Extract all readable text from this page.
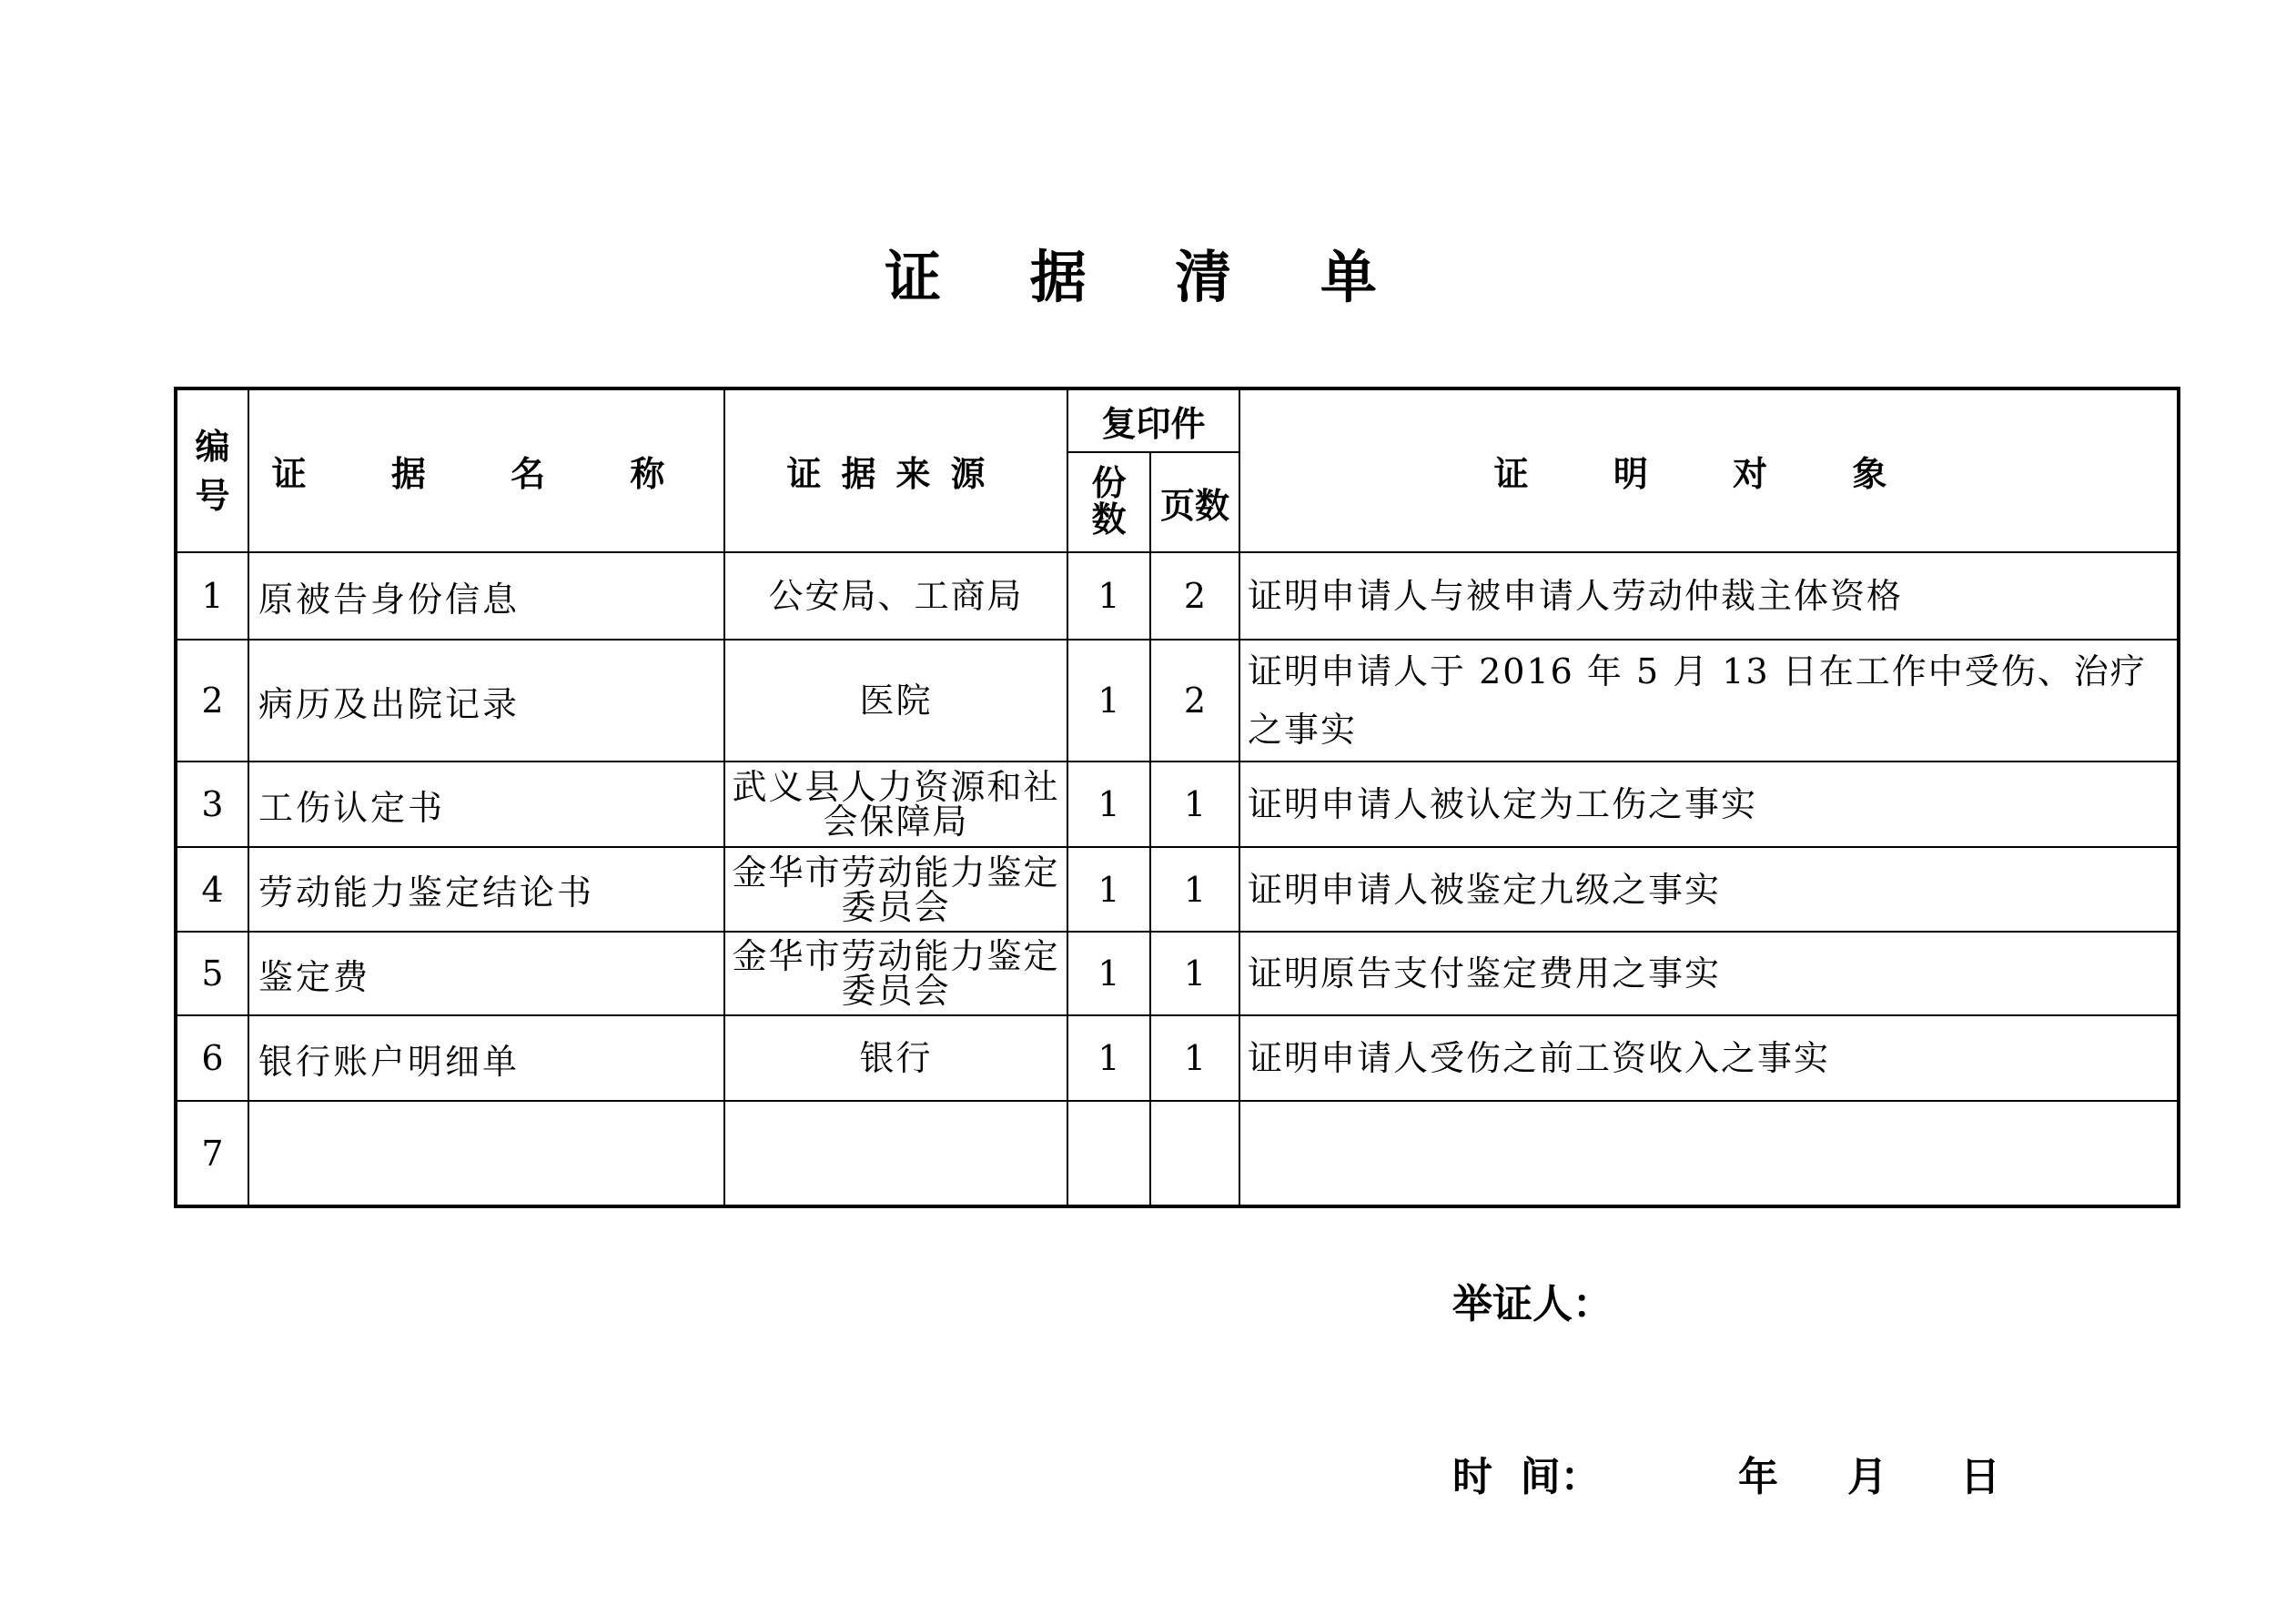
证 据 清 单
编号	证 据 名 称	证据来源	复印件		证 明 对 象
			份数	页数	
1	原被告身份信息	公安局、工商局	1	2	证明申请人与被申请人劳动仲裁主体资格
2	病历及出院记录	医院	1	2	证明申请人于 2016 年 5 月 13 日在工作中受伤、治疗之事实
3	工伤认定书	武义县人力资源和社会保障局	1	1	证明申请人被认定为工伤之事实
4	劳动能力鉴定结论书	金华市劳动能力鉴定委员会	1	1	证明申请人被鉴定九级之事实
5	鉴定费	金华市劳动能力鉴定委员会	1	1	证明原告支付鉴定费用之事实
6	银行账户明细单	银行	1	1	证明申请人受伤之前工资收入之事实
7					
举证人：
时  间：	年 月 日
